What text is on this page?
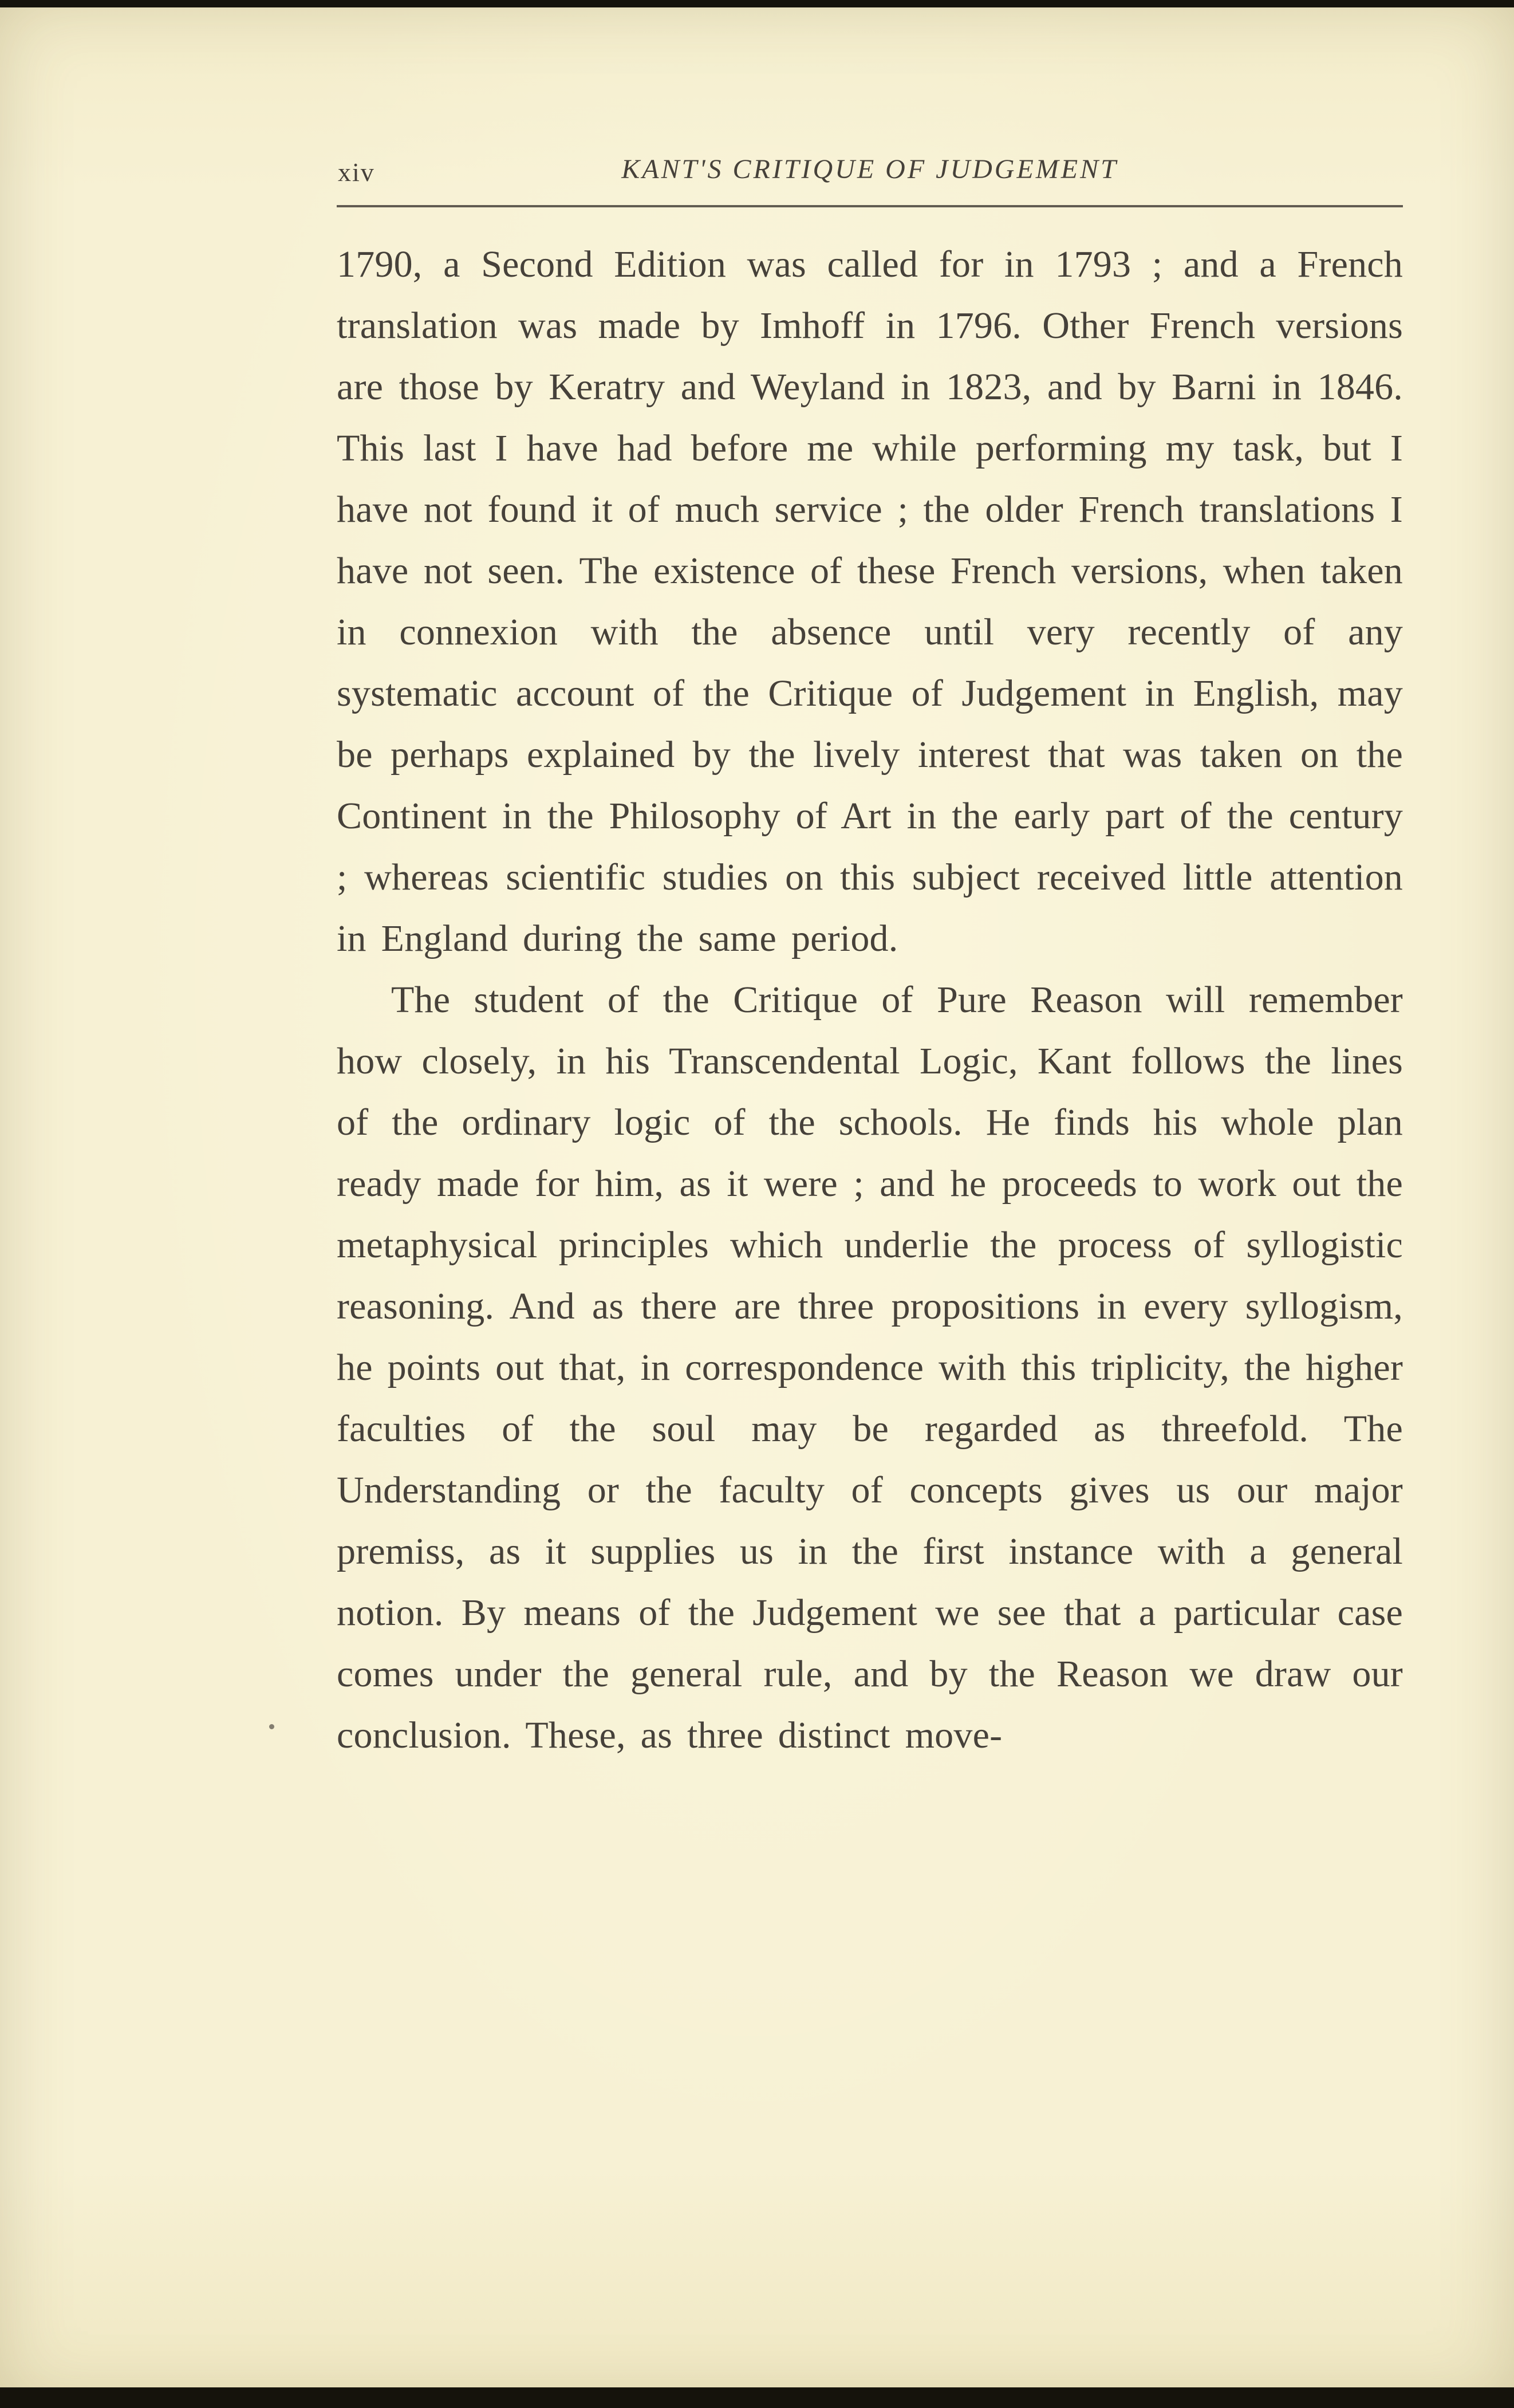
xiv	KANT'S CRITIQUE OF JUDGEMENT

1790, a Second Edition was called for in 1793 ; and a French translation was made by Imhoff in 1796. Other French versions are those by Keratry and Weyland in 1823, and by Barni in 1846. This last I have had before me while performing my task, but I have not found it of much service ; the older French translations I have not seen. The existence of these French versions, when taken in connexion with the absence until very recently of any systematic account of the Critique of Judgement in English, may be perhaps explained by the lively interest that was taken on the Continent in the Philosophy of Art in the early part of the century ; whereas scientific studies on this subject received little attention in England during the same period.

The student of the Critique of Pure Reason will remember how closely, in his Transcendental Logic, Kant follows the lines of the ordinary logic of the schools. He finds his whole plan ready made for him, as it were ; and he proceeds to work out the metaphysical principles which underlie the process of syllogistic reasoning. And as there are three propositions in every syllogism, he points out that, in correspondence with this triplicity, the higher faculties of the soul may be regarded as threefold. The Understanding or the faculty of concepts gives us our major premiss, as it supplies us in the first instance with a general notion. By means of the Judgement we see that a particular case comes under the general rule, and by the Reason we draw our conclusion. These, as three distinct move-
